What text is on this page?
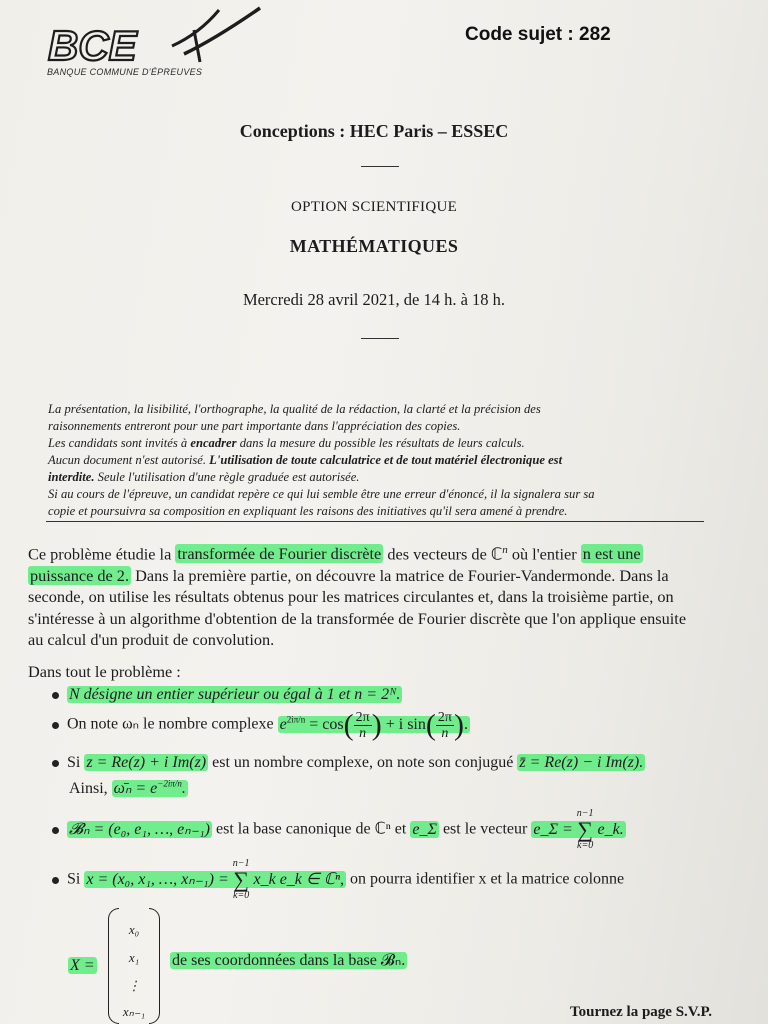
BCE
BANQUE COMMUNE D'ÉPREUVES
Code sujet : 282
Conceptions : HEC Paris – ESSEC
OPTION SCIENTIFIQUE
MATHÉMATIQUES
Mercredi 28 avril 2021, de 14 h. à 18 h.
La présentation, la lisibilité, l'orthographe, la qualité de la rédaction, la clarté et la précision des
raisonnements entreront pour une part importante dans l'appréciation des copies.
Les candidats sont invités à encadrer dans la mesure du possible les résultats de leurs calculs.
Aucun document n'est autorisé. L'utilisation de toute calculatrice et de tout matériel électronique est
interdite. Seule l'utilisation d'une règle graduée est autorisée.
Si au cours de l'épreuve, un candidat repère ce qui lui semble être une erreur d'énoncé, il la signalera sur sa
copie et poursuivra sa composition en expliquant les raisons des initiatives qu'il sera amené à prendre.
Ce problème étudie la transformée de Fourier discrète des vecteurs de ℂ$^n$ où l'entier n est une
puissance de 2. Dans la première partie, on découvre la matrice de Fourier-Vandermonde. Dans la
seconde, on utilise les résultats obtenus pour les matrices circulantes et, dans la troisième partie, on
s'intéresse à un algorithme d'obtention de la transformée de Fourier discrète que l'on applique ensuite
au calcul d'un produit de convolution.
Dans tout le problème :
N désigne un entier supérieur ou égal à 1 et n = 2ᴺ.
On note ωₙ le nombre complexe $e^{2i\pi/n} = \cos( \frac{2\pi}{n}$ ) + i $\sin( \frac{2\pi}{n}$ ).
Si z = Re(z) + i Im(z) est un nombre complexe, on note son conjugué z̄ = Re(z) − i Im(z).
Ainsi, ω̄ₙ = $e^{-2i\pi/n}$.
𝓑ₙ = (e₀, e₁, …, eₙ₋₁) est la base canonique de ℂⁿ et e_Σ est le vecteur e_Σ =
n−1
∑
k=0
e_k.
Si x = (x₀, x₁, …, xₙ₋₁) =
n−1
∑
k=0
x_k e_k ∈ ℂⁿ, on pourra identifier x et la matrice colonne
X =
x₀
x₁
⋮
xₙ₋₁
de ses coordonnées dans la base 𝓑ₙ.
Tournez la page S.V.P.
